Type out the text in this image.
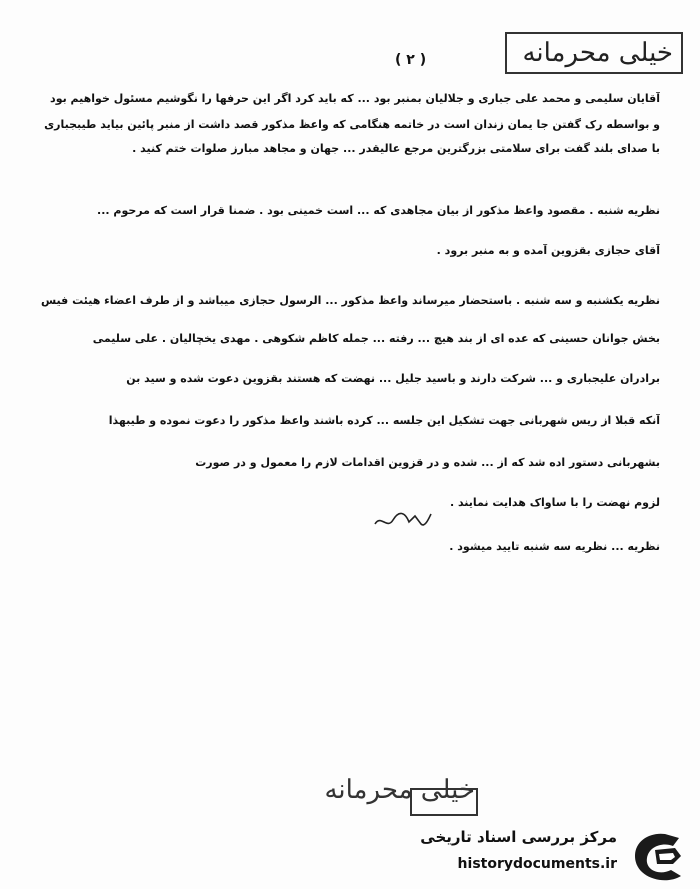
خیلی محرمانه
( ۲ )
آقایان سلیمی و محمد علی جباری و جلالیان بمنبر بود ... که باید کرد اگر این حرفها را نگوشیم مسئول خواهیم بود
و بواسطه رک گفتن جا یمان زندان است در خاتمه هنگامی که واعظ مذکور قصد داشت از منبر پائین بیاید طیبجباری
با صدای بلند گفت برای سلامتی بزرگترین مرجع عالیقدر ... جهان و مجاهد مبارز صلوات ختم کنید .
نظریه شنبه . مقصود واعظ مذکور از بیان مجاهدی که ... است خمینی بود . ضمنا قرار است که مرحوم ...
آقای حجازی بقزوین آمده و به منبر برود .
نظریه یکشنبه و سه شنبه . باستحضار میرساند واعظ مذکور ... الرسول حجازی میباشد و از طرف اعضاء هیئت فیس
بخش جوانان حسینی که عده ای از بند هیچ ... رفته ... جمله کاظم شکوهی . مهدی یخچالیان . علی سلیمی
برادران علیجباری و ... شرکت دارند و باسید جلیل ... نهضت که هستند بقزوین دعوت شده و سید بن
آنکه قبلا از ریس شهربانی جهت تشکیل این جلسه ... کرده باشند واعظ مذکور را دعوت نموده و طیبهذا
بشهربانی دستور اده شد که از ... شده و در قزوین اقدامات لازم را معمول و در صورت
لزوم نهضت را با ساواک هدایت نمایند .
نظریه ... نظریه سه شنبه تایید میشود .
خیلی محرمانه
مرکز بررسی اسناد تاریخی
historydocuments.ir
